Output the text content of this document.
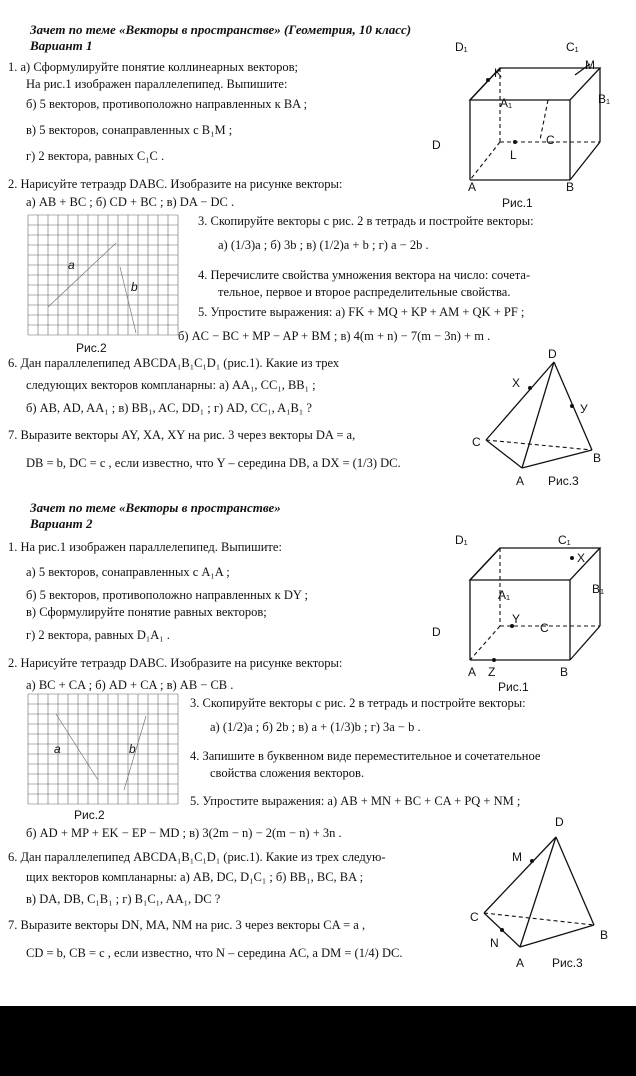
Зачет по теме «Векторы в пространстве» (Геометрия, 10 класс)
Вариант 1
1. а) Сформулируйте понятие коллинеарных векторов;
На рис.1 изображен параллелепипед. Выпишите:
б) 5 векторов, противоположно направленных к BA ;
в) 5 векторов, сонаправленных с B₁M ;
г) 2 вектора, равных C₁C .
2. Нарисуйте тетраэдр DABC. Изобразите на рисунке векторы:
а) AB + BC ; б) CD + BC ; в) DA − DC .
3. Скопируйте векторы с рис. 2 в тетрадь и постройте векторы:
а) (1/3)a ; б) 3b ; в) (1/2)a + b ; г) a − 2b .
4. Перечислите свойства умножения вектора на число: сочета-
тельное, первое и второе распределительные свойства.
5. Упростите выражения: а) FK + MQ + KP + AM + QK + PF ;
б) AC − BC + MP − AP + BM ; в) 4(m + n) − 7(m − 3n) + m .
6. Дан параллелепипед ABCDA₁B₁C₁D₁ (рис.1). Какие из трех
следующих векторов компланарны: а) AA₁, CC₁, BB₁ ;
б) AB, AD, AA₁ ; в) BB₁, AC, DD₁ ; г) AD, CC₁, A₁B₁ ?
7. Выразите векторы AY, XA, XY на рис. 3 через векторы DA = a,
DB = b, DC = c , если известно, что Y – середина DB, а DX = (1/3) DC.
D₁	C₁
M
K
B₁
A₁
D	C
L
A	B
Рис.1
a
b
Рис.2	D
X
У
C
B
A Рис.3
Зачет по теме «Векторы в пространстве»
Вариант 2
1. На рис.1 изображен параллелепипед. Выпишите:
а) 5 векторов, сонаправленных с A₁A ;
б) 5 векторов, противоположно направленных к DY ;
в) Сформулируйте понятие равных векторов;
г) 2 вектора, равных D₁A₁ .
2. Нарисуйте тетраэдр DABC. Изобразите на рисунке векторы:
а) BC + CA ; б) AD + CA ; в) AB − CB .
3. Скопируйте векторы с рис. 2 в тетрадь и постройте векторы:
а) (1/2)a ; б) 2b ; в) a + (1/3)b ; г) 3a − b .
4. Запишите в буквенном виде переместительное и сочетательное
свойства сложения векторов.
5. Упростите выражения: а) AB + MN + BC + CA + PQ + NM ;
б) AD + MP + EK − EP − MD ; в) 3(2m − n) − 2(m − n) + 3n .
6. Дан параллелепипед ABCDA₁B₁C₁D₁ (рис.1). Какие из трех следую-
щих векторов компланарны: а) AB, DC, D₁C₁ ; б) BB₁, BC, BA ;
в) DA, DB, C₁B₁ ; г) B₁C₁, AA₁, DC ?
7. Выразите векторы DN, MA, NM на рис. 3 через векторы CA = a ,
CD = b, CB = c , если известно, что N – середина AC, а DM = (1/4) DC.
D₁	C₁
X
B₁
A₁
Y
D	C
A Z	B
Рис.1
a	b
Рис.2	D
M
C
N
B
A Рис.3
